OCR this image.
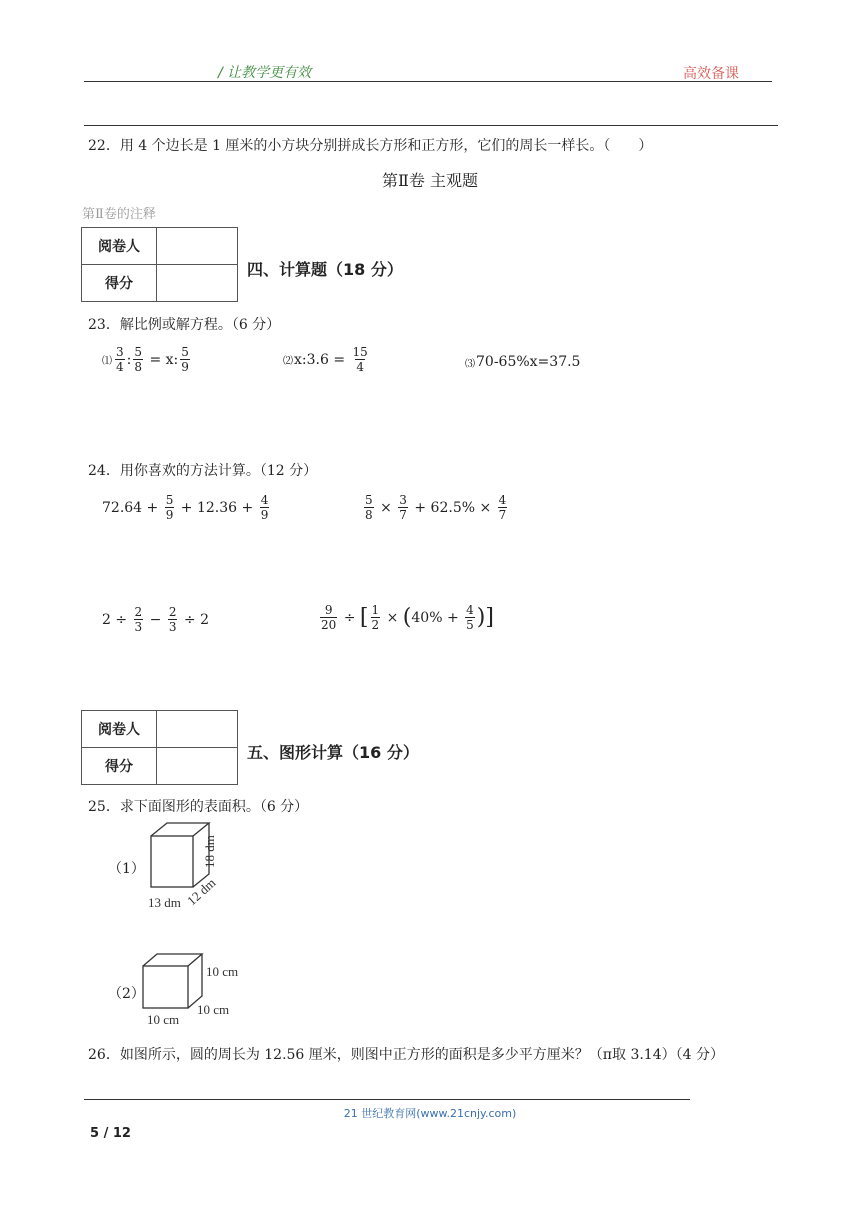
/ 让教学更有效	高效备课
22．用 4 个边长是 1 厘米的小方块分别拼成长方形和正方形，它们的周长一样长。（　　）
第Ⅱ卷 主观题
第Ⅱ卷的注释
阅卷人	
得分	
四、计算题（18 分）
23．解比例或解方程。（6 分）
⑴ $\frac{3}{4}$ : $\frac{5}{8} = x$: $\frac{5}{9}$	⑵ x:3.6 = $\frac{15}{4}$	⑶ 70-65%x=37.5
24．用你喜欢的方法计算。（12 分）
$72.64 + \frac{5}{9} + 12.36 + \frac{4}{9}$	$\frac{5}{8} \times \frac{3}{7} + 62.5\% \times \frac{4}{7}$
$2 \div \frac{2}{3} - \frac{2}{3} \div 2$	$\frac{9}{20}$ ÷ [ $\frac{1}{2}$ × ( $40\% + \frac{4}{5}$ ) ]
阅卷人	
得分	
五、图形计算（16 分）
25．求下面图形的表面积。（6 分）
（1）
13 dm 12 dm
18 dm
（2）
10 cm
10 cm
10 cm
26．如图所示，圆的周长为 12.56 厘米，则图中正方形的面积是多少平方厘米？（π取 3.14）（4 分）
21 世纪教育网(www.21cnjy.com)
5 / 12
